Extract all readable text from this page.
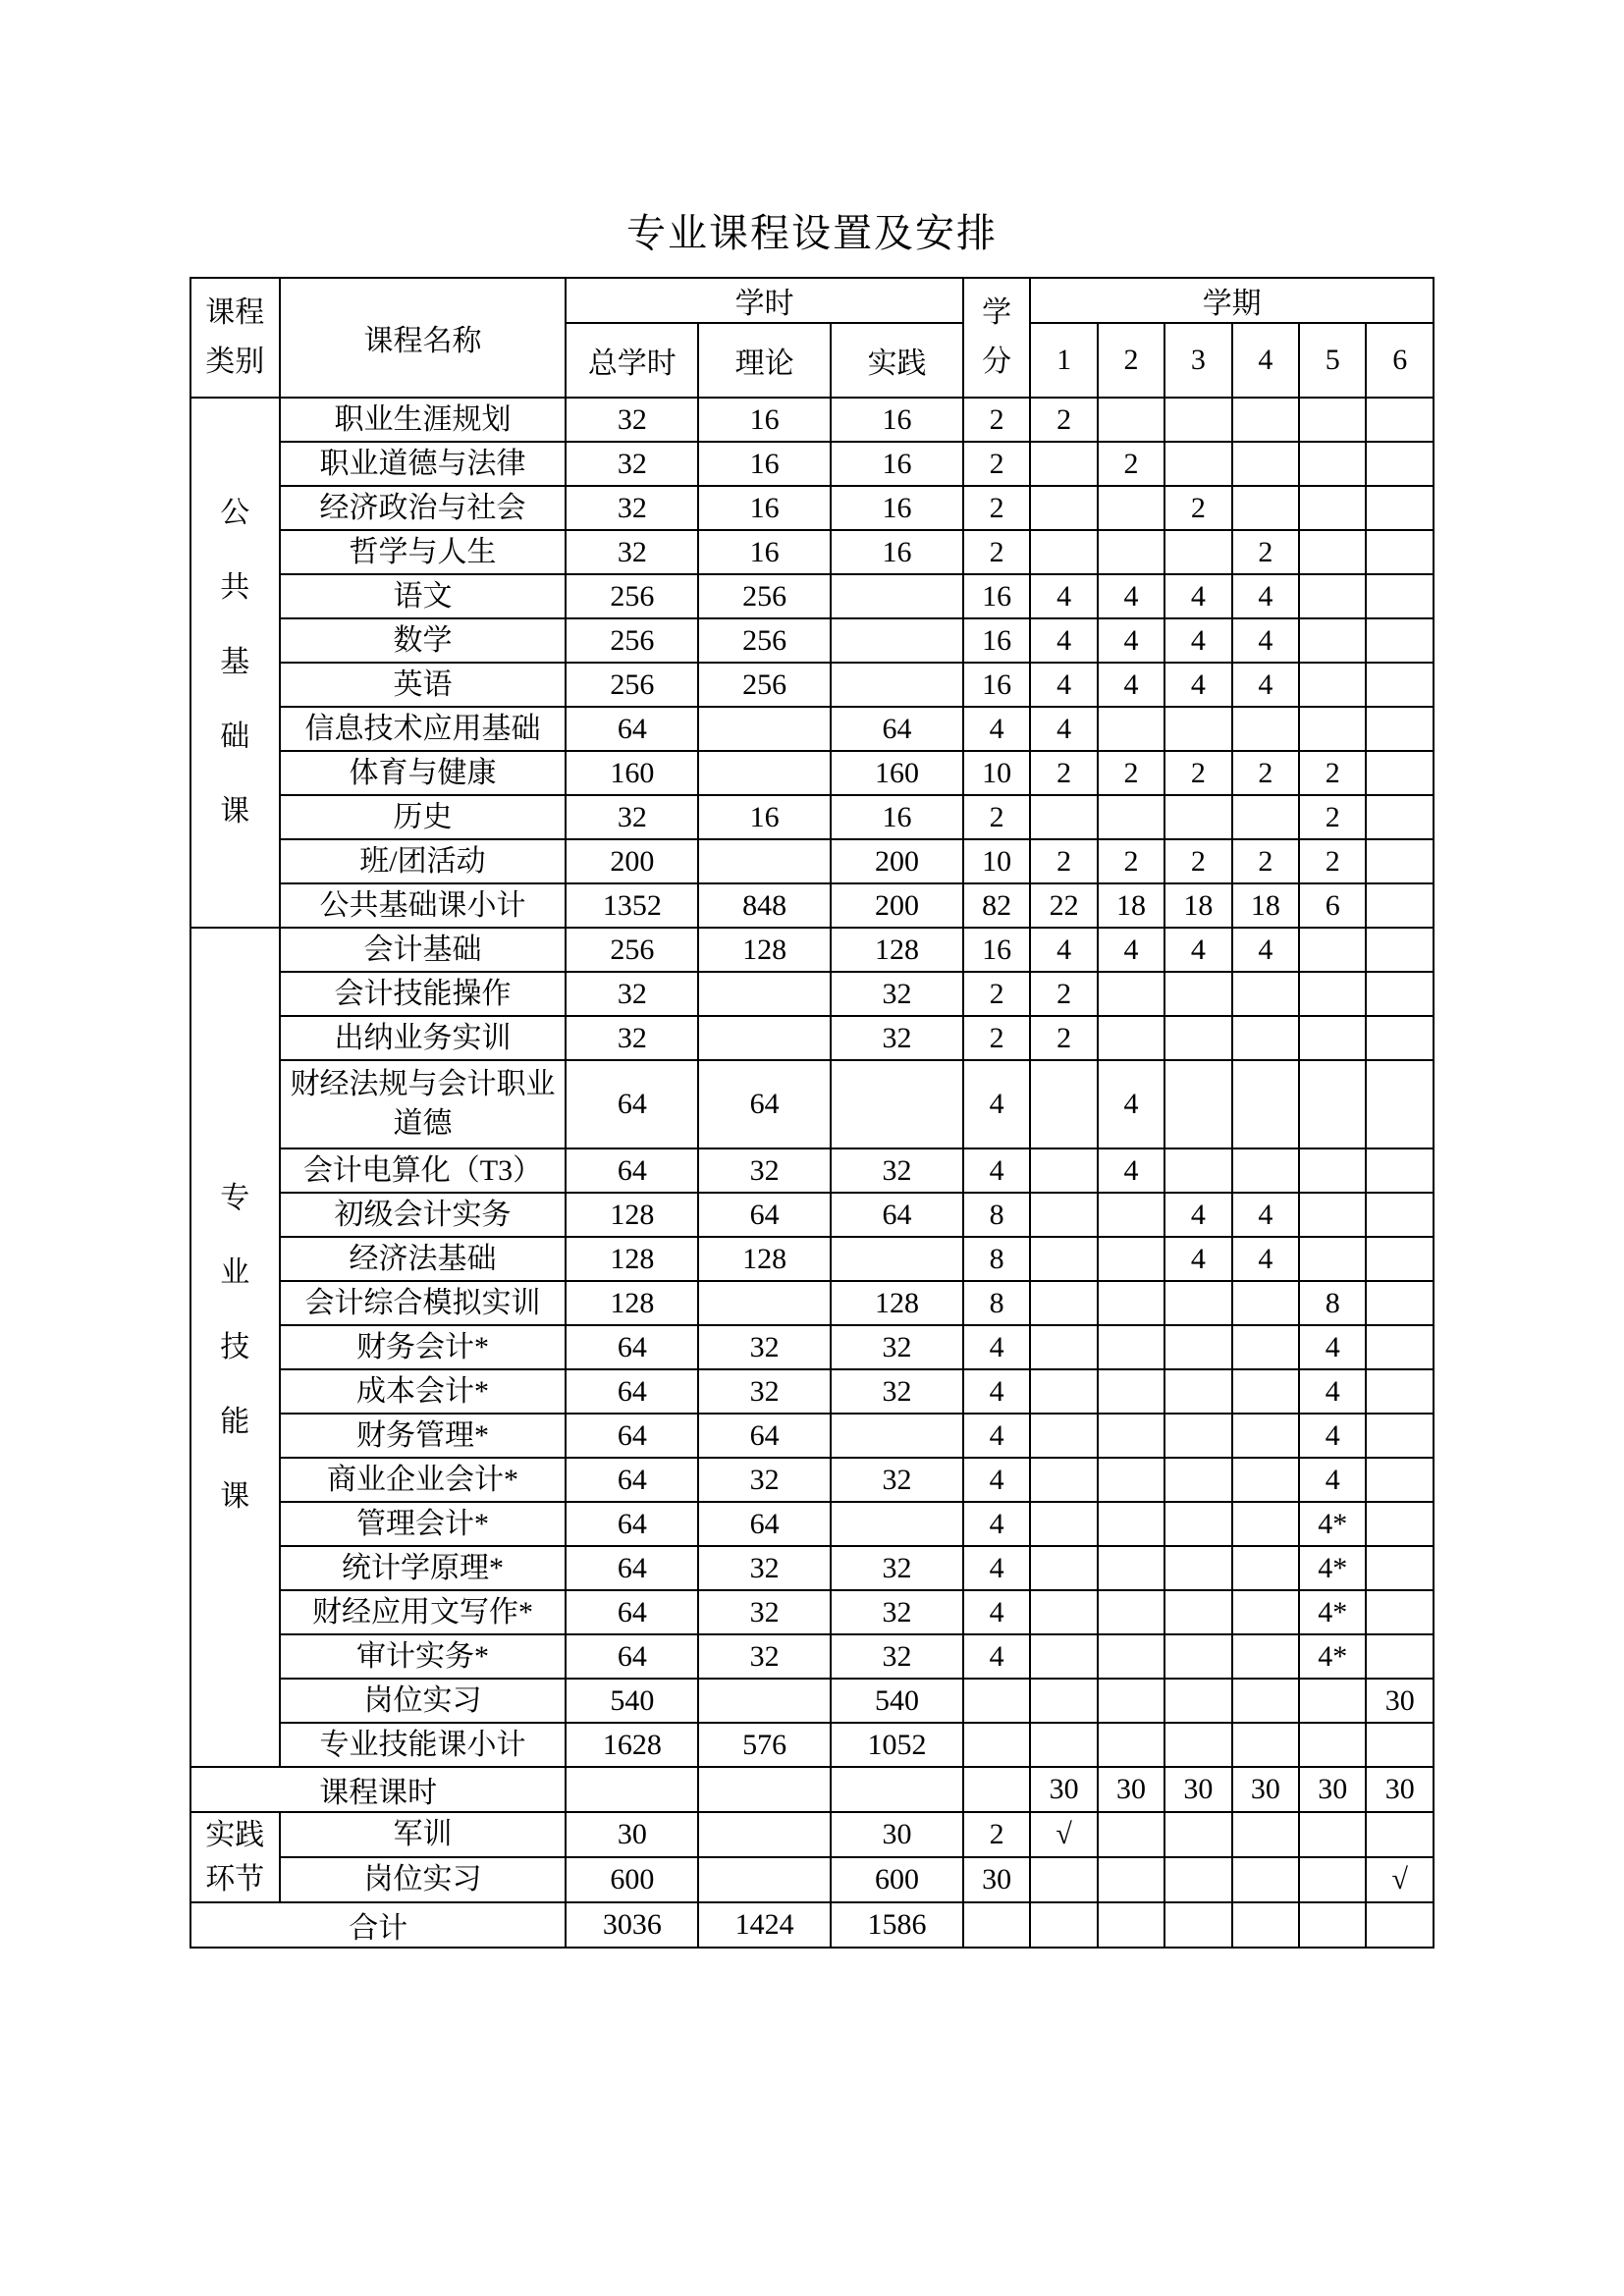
专业课程设置及安排
课程类别	课程名称	学时			学分	学期					
		总学时	理论	实践		1	2	3	4	5	6
公共基础课	职业生涯规划	32	16	16	2	2					
	职业道德与法律	32	16	16	2		2				
	经济政治与社会	32	16	16	2			2			
	哲学与人生	32	16	16	2				2		
	语文	256	256		16	4	4	4	4		
	数学	256	256		16	4	4	4	4		
	英语	256	256		16	4	4	4	4		
	信息技术应用基础	64		64	4	4					
	体育与健康	160		160	10	2	2	2	2	2	
	历史	32	16	16	2					2	
	班/团活动	200		200	10	2	2	2	2	2	
	公共基础课小计	1352	848	200	82	22	18	18	18	6	
专业技能课	会计基础	256	128	128	16	4	4	4	4		
	会计技能操作	32		32	2	2					
	出纳业务实训	32		32	2	2					
	财经法规与会计职业道德	64	64		4		4				
	会计电算化（T3）	64	32	32	4		4				
	初级会计实务	128	64	64	8			4	4		
	经济法基础	128	128		8			4	4		
	会计综合模拟实训	128		128	8					8	
	财务会计*	64	32	32	4					4	
	成本会计*	64	32	32	4					4	
	财务管理*	64	64		4					4	
	商业企业会计*	64	32	32	4					4	
	管理会计*	64	64		4					4*	
	统计学原理*	64	32	32	4					4*	
	财经应用文写作*	64	32	32	4					4*	
	审计实务*	64	32	32	4					4*	
	岗位实习	540		540							30
	专业技能课小计	1628	576	1052							
课程课时						30	30	30	30	30	30
实践环节	军训	30		30	2	√					
	岗位实习	600		600	30						√
合计		3036	1424	1586							
